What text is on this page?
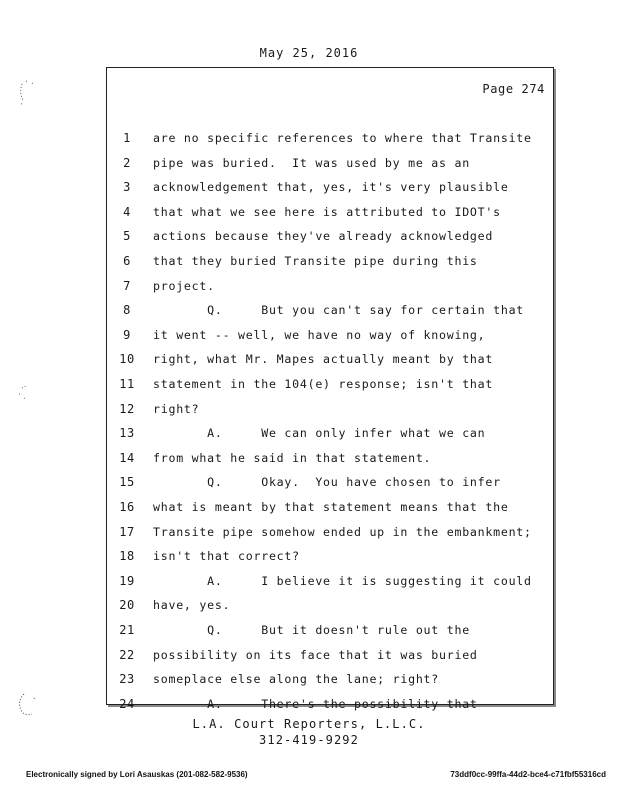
May 25, 2016
Page 274

1	are no specific references to where that Transite

2	pipe was buried.  It was used by me as an

3	acknowledgement that, yes, it's very plausible

4	that what we see here is attributed to IDOT's

5	actions because they've already acknowledged

6	that they buried Transite pipe during this

7	project.

8	Q.     But you can't say for certain that

9	it went -- well, we have no way of knowing,

10	right, what Mr. Mapes actually meant by that

11	statement in the 104(e) response; isn't that

12	right?

13	A.     We can only infer what we can

14	from what he said in that statement.

15	Q.     Okay.  You have chosen to infer

16	what is meant by that statement means that the

17	Transite pipe somehow ended up in the embankment;

18	isn't that correct?

19	A.     I believe it is suggesting it could

20	have, yes.

21	Q.     But it doesn't rule out the

22	possibility on its face that it was buried

23	someplace else along the lane; right?

24	A.     There's the possibility that

L.A. Court Reporters, L.L.C.
312-419-9292
Electronically signed by Lori Asauskas (201-082-582-9536)	73ddf0cc-99ffa-44d2-bce4-c71fbf55316cd
